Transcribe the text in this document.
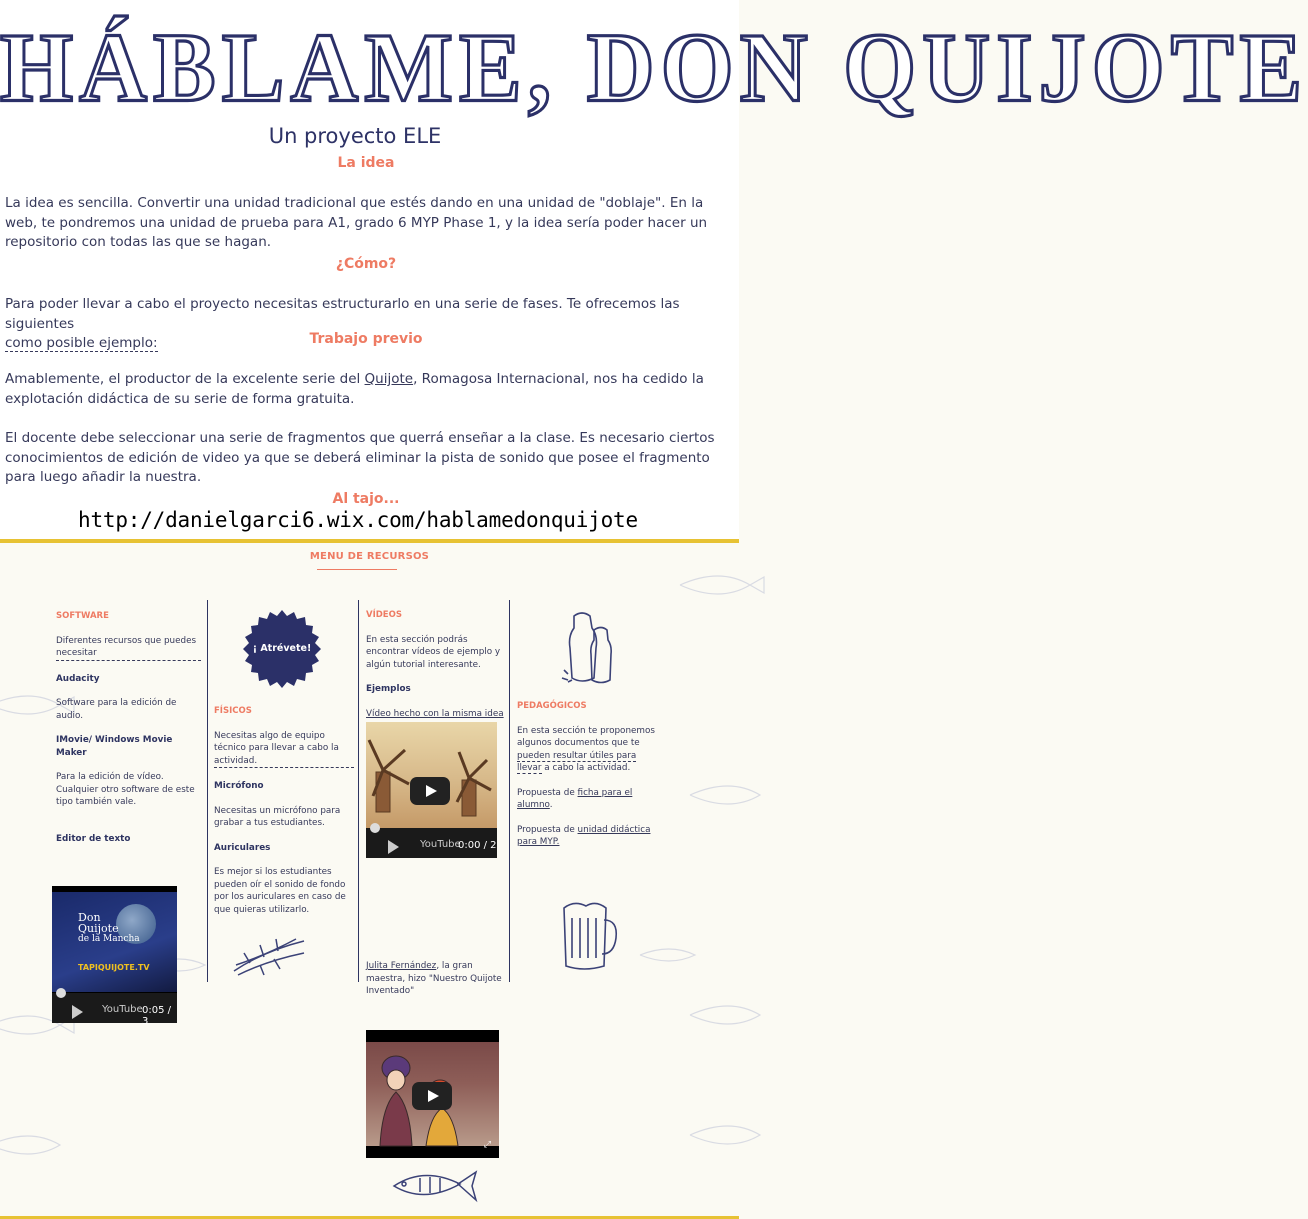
HÁBLAME, DON QUIJOTE
Un proyecto ELE
La idea
La idea es sencilla. Convertir una unidad tradicional que estés dando en una unidad de "doblaje". En la web, te pondremos una unidad de prueba para A1, grado 6 MYP Phase 1, y la idea sería poder hacer un repositorio con todas las que se hagan.
¿Cómo?
Para poder llevar a cabo el proyecto necesitas estructurarlo en una serie de fases. Te ofrecemos las siguientes
como posible ejemplo:	Trabajo previo
Amablemente, el productor de la excelente serie del Quijote, Romagosa Internacional, nos ha cedido la explotación didáctica de su serie de forma gratuita.
El docente debe seleccionar una serie de fragmentos que querrá enseñar a la clase. Es necesario ciertos conocimientos de edición de video ya que se deberá eliminar la pista de sonido que posee el fragmento para luego añadir la nuestra.
Al tajo...
http://danielgarci6.wix.com/hablamedonquijote
MENU DE RECURSOS
SOFTWARE
Diferentes recursos que puedes necesitar
Audacity
Software para la edición de audio.
IMovie/ Windows Movie Maker
Para la edición de vídeo. Cualquier otro software de este tipo también vale.
Editor de texto
¡ Atrévete!
FÍSICOS
Necesitas algo de equipo técnico para llevar a cabo la actividad.
Micrófono
Necesitas un micrófono para grabar a tus estudiantes.
Auriculares
Es mejor si los estudiantes pueden oír el sonido de fondo por los auriculares en caso de que quieras utilizarlo.
VÍDEOS
En esta sección podrás encontrar vídeos de ejemplo y algún tutorial interesante.
Ejemplos
Vídeo hecho con la misma idea
Julita Fernández, la gran maestra, hizo "Nuestro Quijote Inventado"
PEDAGÓGICOS
En esta sección te proponemos algunos documentos que te pueden resultar útiles para llevar a cabo la actividad.
Propuesta de ficha para el alumno.
Propuesta de unidad didáctica para MYP.
Don
Quijote
de la Mancha
TAPIQUIJOTE.TV
YouTube 0:05 / 3
YouTube
0:00 / 2
⤢
